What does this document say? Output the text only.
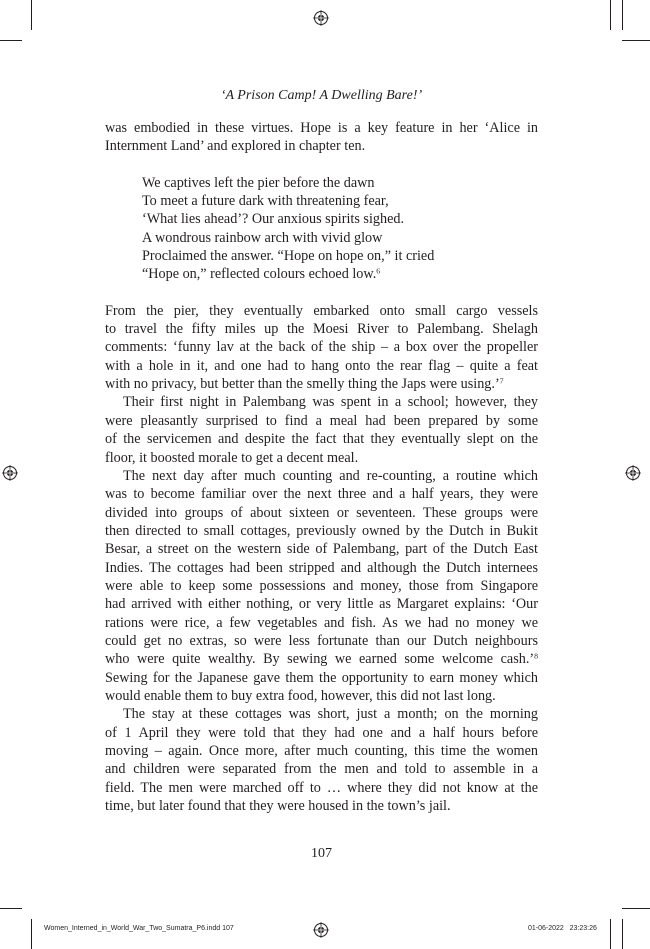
‘A Prison Camp! A Dwelling Bare!’

was embodied in these virtues. Hope is a key feature in her ‘Alice in
Internment Land’ and explored in chapter ten.

We captives left the pier before the dawn
To meet a future dark with threatening fear,
‘What lies ahead’? Our anxious spirits sighed.
A wondrous rainbow arch with vivid glow
Proclaimed the answer. “Hope on hope on,” it cried
“Hope on,” reflected colours echoed low.$^6$

From the pier, they eventually embarked onto small cargo vessels
to travel the fifty miles up the Moesi River to Palembang. Shelagh
comments: ‘funny lav at the back of the ship – a box over the propeller
with a hole in it, and one had to hang onto the rear flag – quite a feat
with no privacy, but better than the smelly thing the Japs were using.’$^7$

Their first night in Palembang was spent in a school; however, they
were pleasantly surprised to find a meal had been prepared by some
of the servicemen and despite the fact that they eventually slept on the
floor, it boosted morale to get a decent meal.

The next day after much counting and re-counting, a routine which
was to become familiar over the next three and a half years, they were
divided into groups of about sixteen or seventeen. These groups were
then directed to small cottages, previously owned by the Dutch in Bukit
Besar, a street on the western side of Palembang, part of the Dutch East
Indies. The cottages had been stripped and although the Dutch internees
were able to keep some possessions and money, those from Singapore
had arrived with either nothing, or very little as Margaret explains: ‘Our
rations were rice, a few vegetables and fish. As we had no money we
could get no extras, so were less fortunate than our Dutch neighbours
who were quite wealthy. By sewing we earned some welcome cash.’$^8$
Sewing for the Japanese gave them the opportunity to earn money which
would enable them to buy extra food, however, this did not last long.

The stay at these cottages was short, just a month; on the morning
of 1 April they were told that they had one and a half hours before
moving – again. Once more, after much counting, this time the women
and children were separated from the men and told to assemble in a
field. The men were marched off to … where they did not know at the
time, but later found that they were housed in the town’s jail.

107
Women_Interned_in_World_War_Two_Sumatra_P6.indd 107	01-06-2022   23:23:26
